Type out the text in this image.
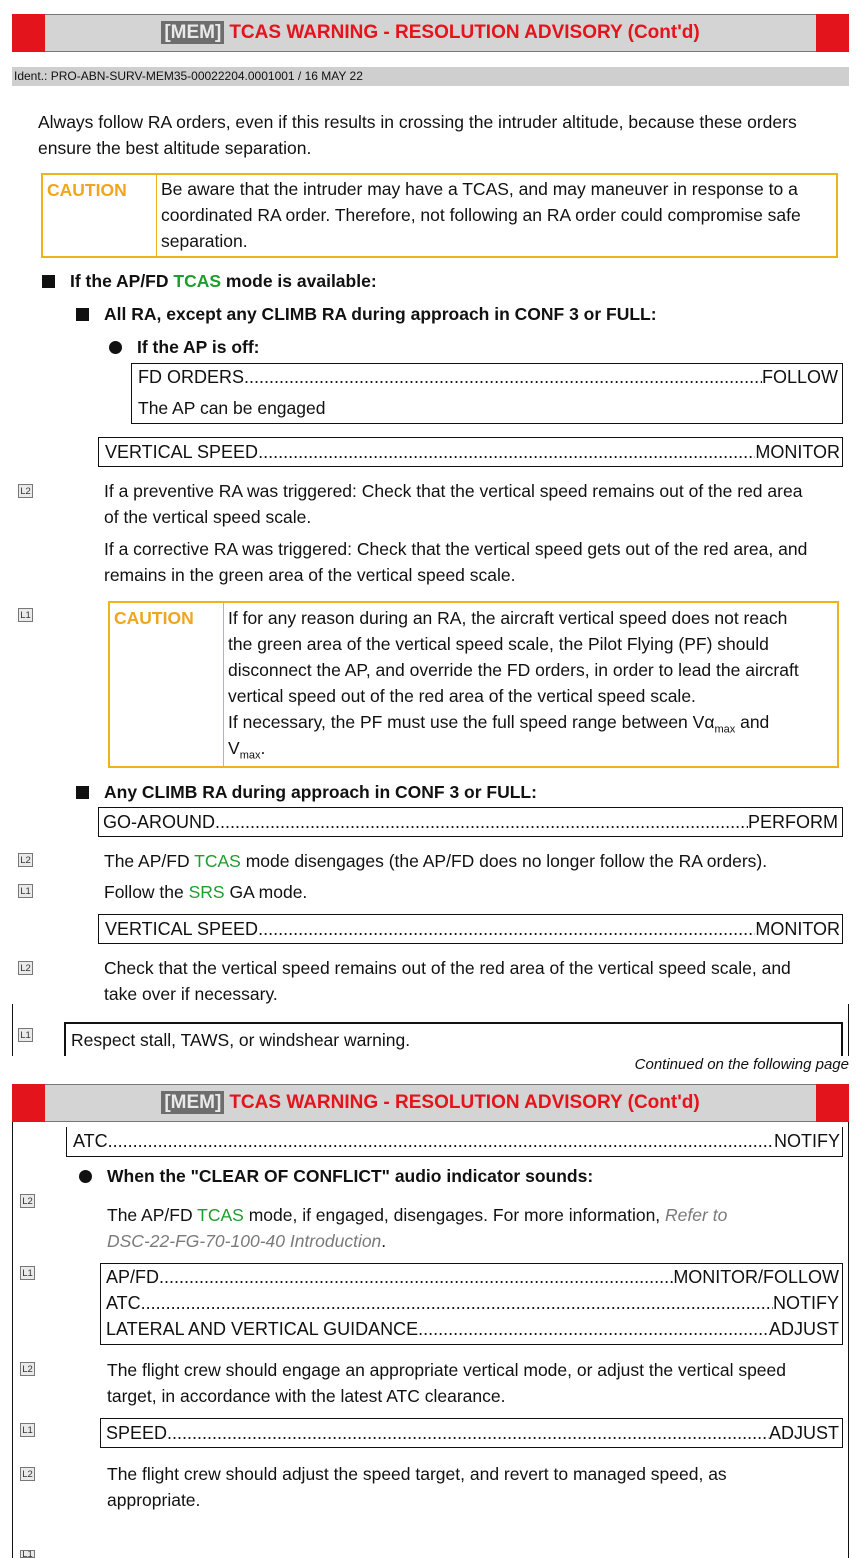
[MEM] TCAS WARNING - RESOLUTION ADVISORY (Cont'd)
Ident.: PRO-ABN-SURV-MEM35-00022204.0001001 / 16 MAY 22
Always follow RA orders, even if this results in crossing the intruder altitude, because these orders
ensure the best altitude separation.
CAUTION Be aware that the intruder may have a TCAS, and may maneuver in response to a
coordinated RA order. Therefore, not following an RA order could compromise safe
separation.
If the AP/FD TCAS mode is available:
All RA, except any CLIMB RA during approach in CONF 3 or FULL:
If the AP is off:
FD ORDERS .....	FOLLOW
The AP can be engaged
VERTICAL SPEED .....	MONITOR
L2	If a preventive RA was triggered: Check that the vertical speed remains out of the red area
of the vertical speed scale.
If a corrective RA was triggered: Check that the vertical speed gets out of the red area, and
remains in the green area of the vertical speed scale.
L1	CAUTION If for any reason during an RA, the aircraft vertical speed does not reach
the green area of the vertical speed scale, the Pilot Flying (PF) should
disconnect the AP, and override the FD orders, in order to lead the aircraft
vertical speed out of the red area of the vertical speed scale.
If necessary, the PF must use the full speed range between $V\alpha_{max}$ and
$V_{max}$.
Any CLIMB RA during approach in CONF 3 or FULL:
GO-AROUND .....	PERFORM
L2	The AP/FD TCAS mode disengages (the AP/FD does no longer follow the RA orders).
L1	Follow the SRS GA mode.
VERTICAL SPEED .....	MONITOR
L2	Check that the vertical speed remains out of the red area of the vertical speed scale, and
take over if necessary.
L1 Respect stall, TAWS, or windshear warning.
Continued on the following page
[MEM] TCAS WARNING - RESOLUTION ADVISORY (Cont'd)
ATC .....	NOTIFY
When the "CLEAR OF CONFLICT" audio indicator sounds:
L2
The AP/FD TCAS mode, if engaged, disengages. For more information, Refer to
DSC-22-FG-70-100-40 Introduction.
L1	AP/FD .....	MONITOR/FOLLOW
ATC .....	NOTIFY
LATERAL AND VERTICAL GUIDANCE .....	ADJUST
L2	The flight crew should engage an appropriate vertical mode, or adjust the vertical speed
target, in accordance with the latest ATC clearance.
L1	SPEED .....	ADJUST
L2	The flight crew should adjust the speed target, and revert to managed speed, as
appropriate.
L1
